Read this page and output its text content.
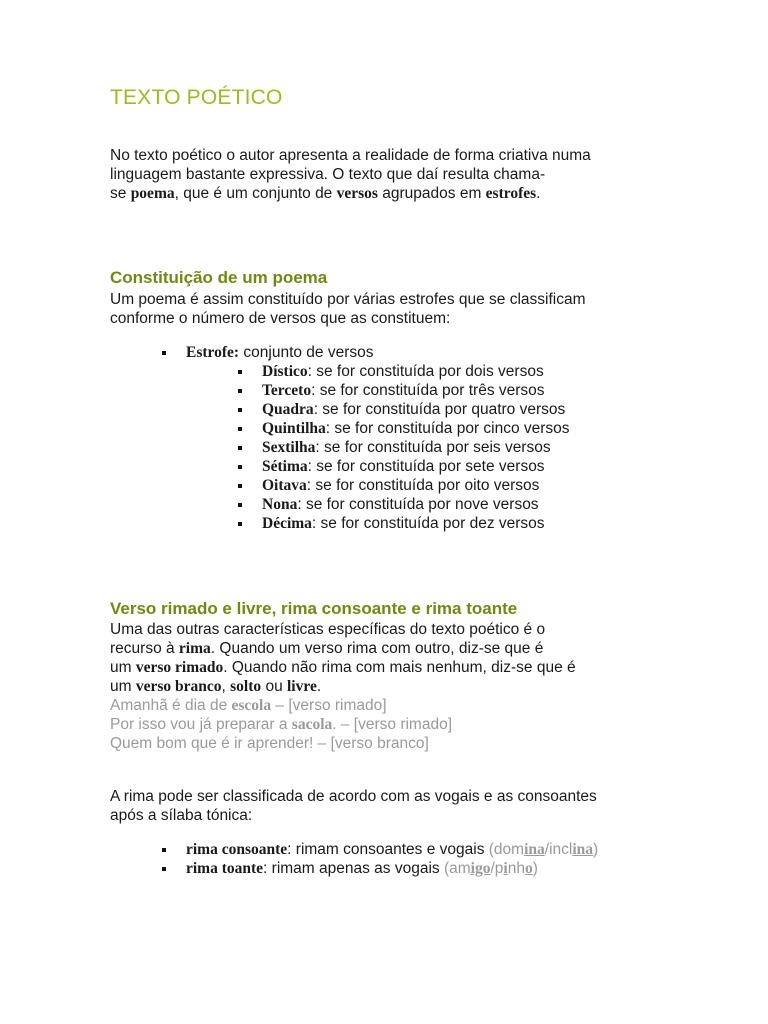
TEXTO POÉTICO
No texto poético o autor apresenta a realidade de forma criativa numa
linguagem bastante expressiva. O texto que daí resulta chama-
se poema, que é um conjunto de versos agrupados em estrofes.
Constituição de um poema
Um poema é assim constituído por várias estrofes que se classificam
conforme o número de versos que as constituem:
Estrofe: conjunto de versos
Dístico: se for constituída por dois versos
Terceto: se for constituída por três versos
Quadra: se for constituída por quatro versos
Quintilha: se for constituída por cinco versos
Sextilha: se for constituída por seis versos
Sétima: se for constituída por sete versos
Oitava: se for constituída por oito versos
Nona: se for constituída por nove versos
Décima: se for constituída por dez versos
Verso rimado e livre, rima consoante e rima toante
Uma das outras características específicas do texto poético é o
recurso à rima. Quando um verso rima com outro, diz-se que é
um verso rimado. Quando não rima com mais nenhum, diz-se que é
um verso branco, solto ou livre.
Amanhã é dia de escola – [verso rimado]
Por isso vou já preparar a sacola. – [verso rimado]
Quem bom que é ir aprender! – [verso branco]
A rima pode ser classificada de acordo com as vogais e as consoantes
após a sílaba tónica:
rima consoante: rimam consoantes e vogais (domina/inclina)
rima toante: rimam apenas as vogais (amigo/pinho)
